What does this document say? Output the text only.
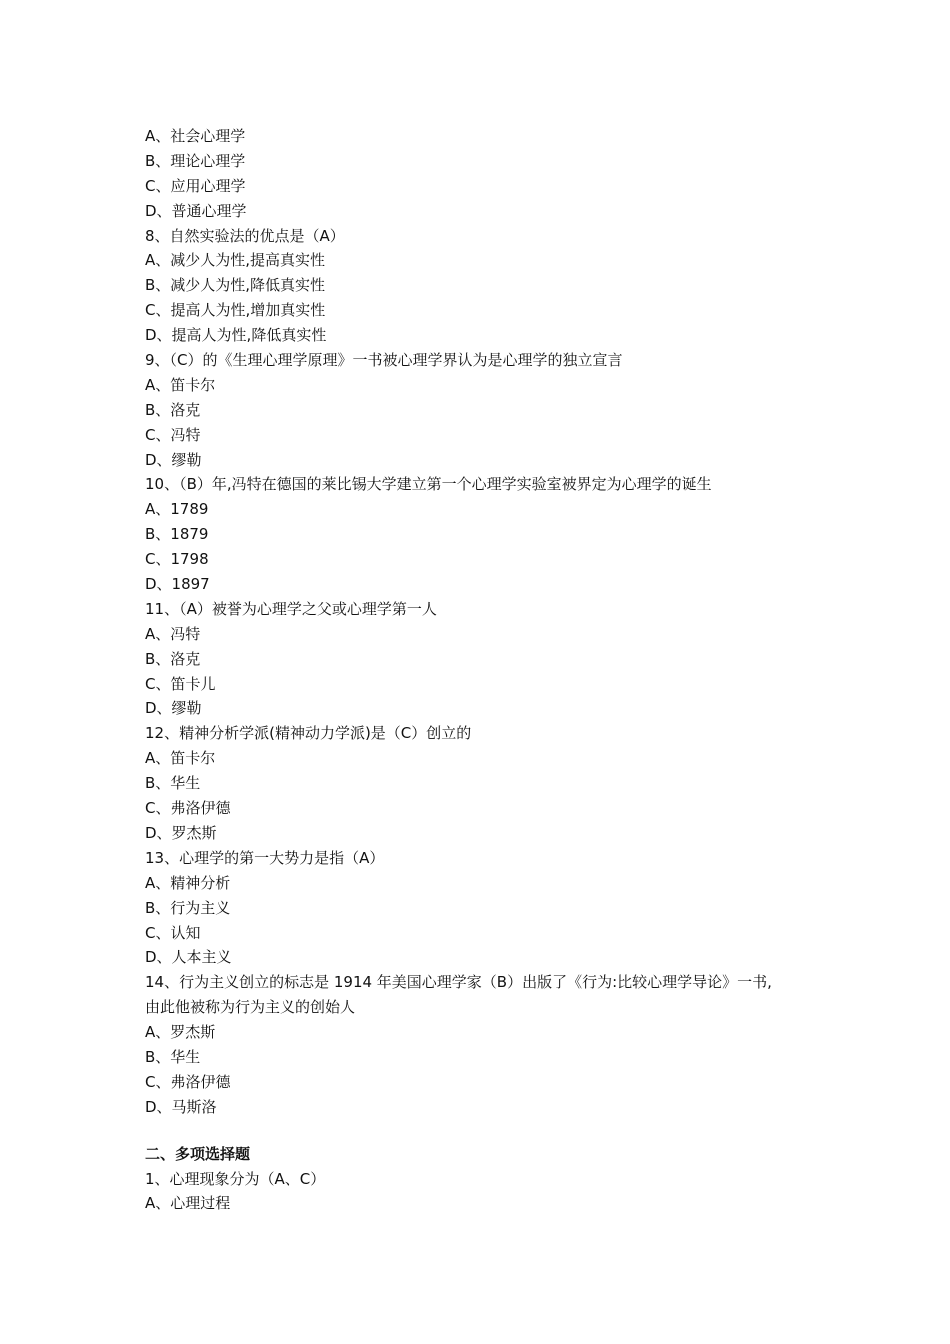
A、社会心理学
B、理论心理学
C、应用心理学
D、普通心理学
8、自然实验法的优点是（A）
A、减少人为性,提高真实性
B、减少人为性,降低真实性
C、提高人为性,增加真实性
D、提高人为性,降低真实性
9、（C）的《生理心理学原理》一书被心理学界认为是心理学的独立宣言
A、笛卡尔
B、洛克
C、冯特
D、缪勒
10、（B）年,冯特在德国的莱比锡大学建立第一个心理学实验室被界定为心理学的诞生
A、1789
B、1879
C、1798
D、1897
11、（A）被誉为心理学之父或心理学第一人
A、冯特
B、洛克
C、笛卡儿
D、缪勒
12、精神分析学派(精神动力学派)是（C）创立的
A、笛卡尔
B、华生
C、弗洛伊德
D、罗杰斯
13、心理学的第一大势力是指（A）
A、精神分析
B、行为主义
C、认知
D、人本主义
14、行为主义创立的标志是 1914 年美国心理学家（B）出版了《行为:比较心理学导论》一书,
由此他被称为行为主义的创始人
A、罗杰斯
B、华生
C、弗洛伊德
D、马斯洛
二、多项选择题
1、心理现象分为（A、C）
A、心理过程
